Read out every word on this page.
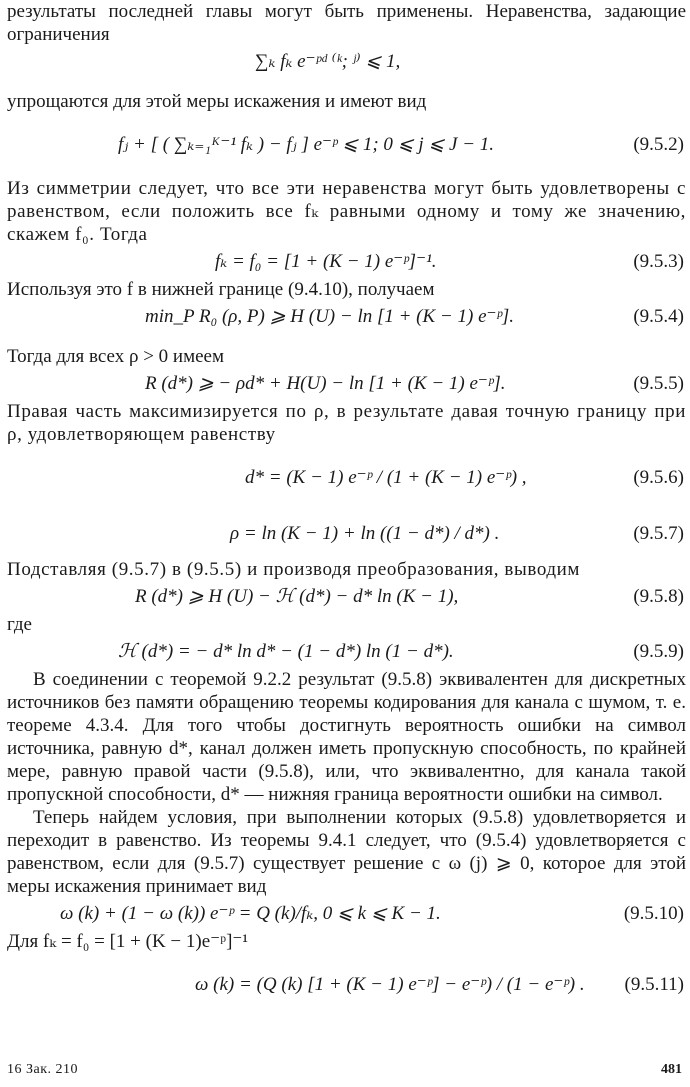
результаты последней главы могут быть применены. Неравенства, задающие ограничения

∑ₖ fₖ e⁻ᵖᵈ ⁽ᵏ; ʲ⁾ ⩽ 1,

упрощаются для этой меры искажения и имеют вид

fⱼ + [ ( ∑ₖ₌₁ᴷ⁻¹ fₖ ) − fⱼ ] e⁻ᵖ ⩽ 1; 0 ⩽ j ⩽ J − 1.	(9.5.2)

Из симметрии следует, что все эти неравенства могут быть удовлетворены с равенством, если положить все fₖ равными одному и тому же значению, скажем f₀. Тогда

fₖ = f₀ = [1 + (K − 1) e⁻ᵖ]⁻¹.	(9.5.3)

Используя это f в нижней границе (9.4.10), получаем

min_P R₀ (ρ, P) ⩾ H (U) − ln [1 + (K − 1) e⁻ᵖ].	(9.5.4)

Тогда для всех ρ > 0 имеем

R (d*) ⩾ − ρd* + H(U) − ln [1 + (K − 1) e⁻ᵖ].	(9.5.5)

Правая часть максимизируется по ρ, в результате давая точную границу при ρ, удовлетворяющем равенству

d* = (K − 1) e⁻ᵖ / (1 + (K − 1) e⁻ᵖ) ,	(9.5.6)
ρ = ln (K − 1) + ln ((1 − d*) / d*) .	(9.5.7)

Подставляя (9.5.7) в (9.5.5) и производя преобразования, выводим

R (d*) ⩾ H (U) − ℋ (d*) − d* ln (K − 1),	(9.5.8)

где

ℋ (d*) = − d* ln d* − (1 − d*) ln (1 − d*).	(9.5.9)

В соединении с теоремой 9.2.2 результат (9.5.8) эквивалентен для дискретных источников без памяти обращению теоремы кодирования для канала с шумом, т. е. теореме 4.3.4. Для того чтобы достигнуть вероятность ошибки на символ источника, равную d*, канал должен иметь пропускную способность, по крайней мере, равную правой части (9.5.8), или, что эквивалентно, для канала такой пропускной способности, d* — нижняя граница вероятности ошибки на символ.

Теперь найдем условия, при выполнении которых (9.5.8) удовлетворяется и переходит в равенство. Из теоремы 9.4.1 следует, что (9.5.4) удовлетворяется с равенством, если для (9.5.7) существует решение с ω (j) ⩾ 0, которое для этой меры искажения принимает вид

ω (k) + (1 − ω (k)) e⁻ᵖ = Q (k)/fₖ, 0 ⩽ k ⩽ K − 1.	(9.5.10)

Для fₖ = f₀ = [1 + (K − 1)e⁻ᵖ]⁻¹

ω (k) = (Q (k) [1 + (K − 1) e⁻ᵖ] − e⁻ᵖ) / (1 − e⁻ᵖ) .	(9.5.11)
16 Зак. 210	481
